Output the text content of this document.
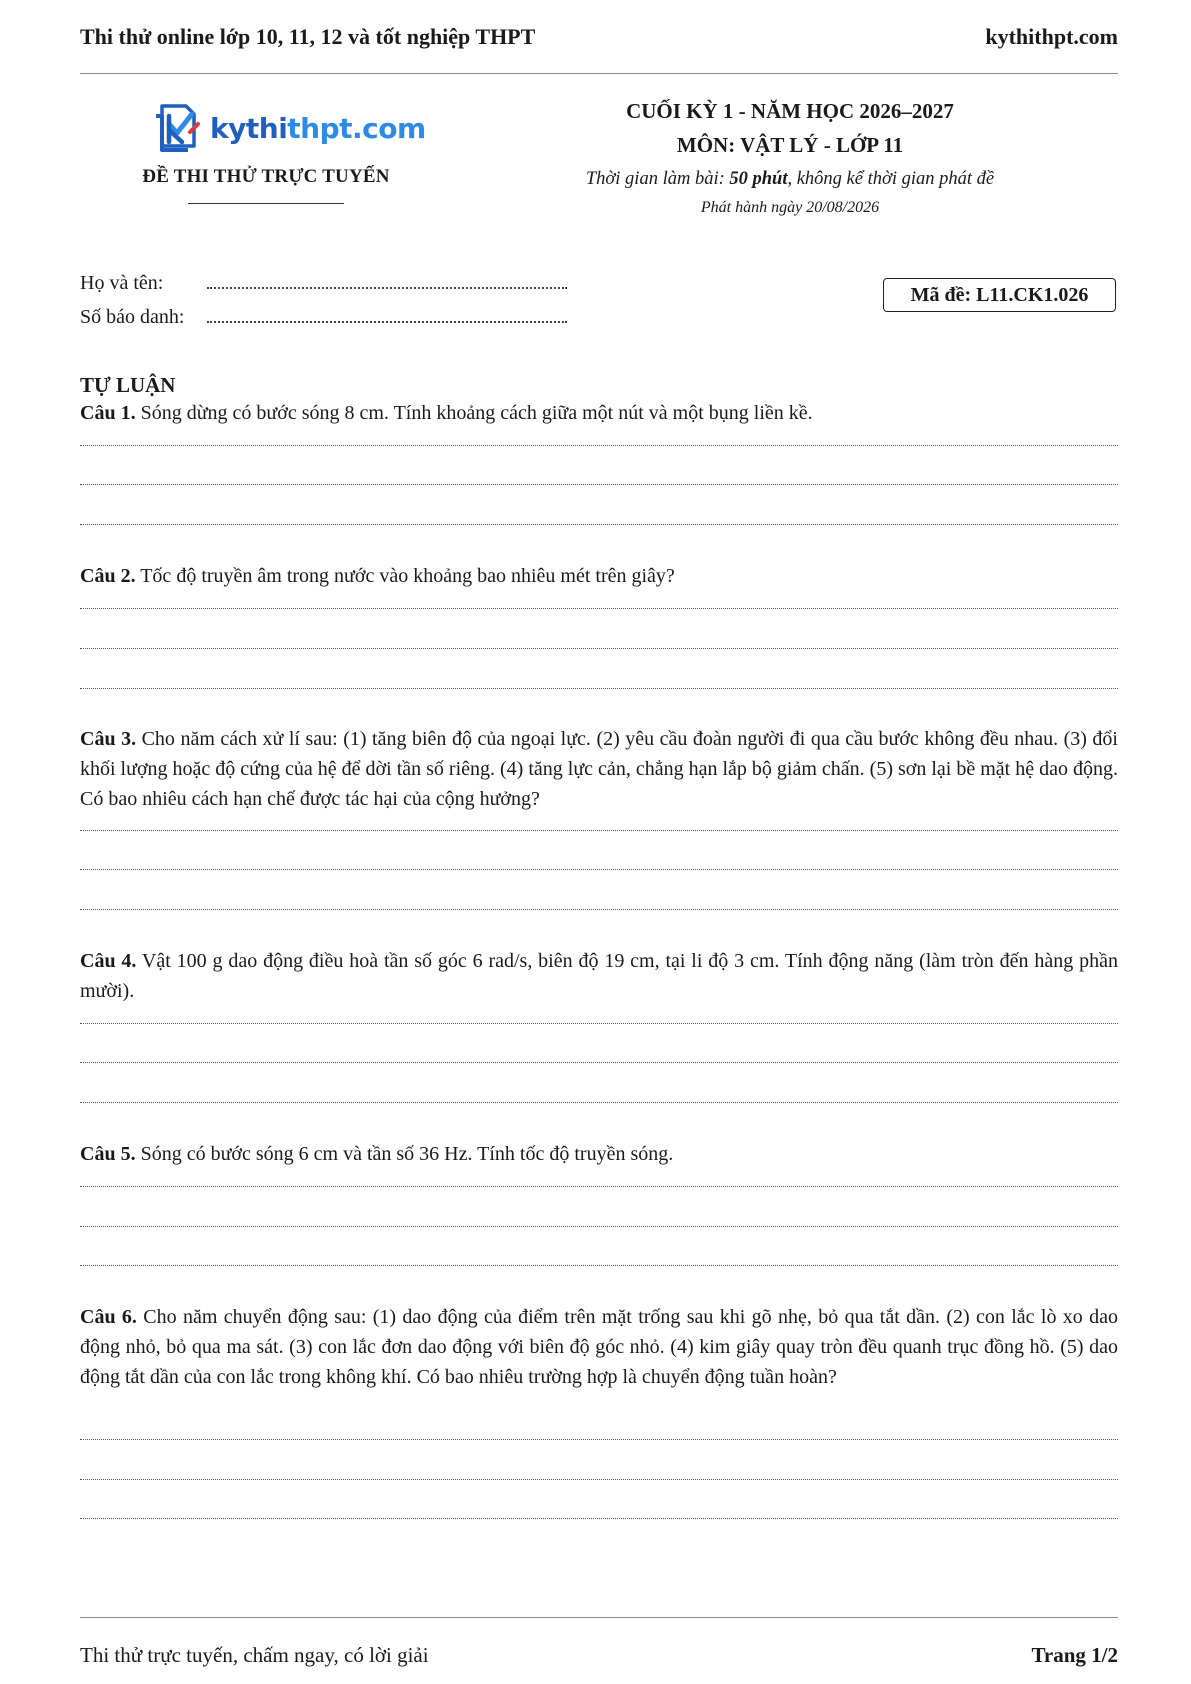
Thi thử online lớp 10, 11, 12 và tốt nghiệp THPT	kythithpt.com
kythithpt.com
ĐỀ THI THỬ TRỰC TUYẾN
CUỐI KỲ 1 - NĂM HỌC 2026–2027
MÔN: VẬT LÝ - LỚP 11
Thời gian làm bài: 50 phút, không kể thời gian phát đề
Phát hành ngày 20/08/2026
Họ và tên:
Số báo danh:
Mã đề: L11.CK1.026
TỰ LUẬN
Câu 1. Sóng dừng có bước sóng 8 cm. Tính khoảng cách giữa một nút và một bụng liền kề.
Câu 2. Tốc độ truyền âm trong nước vào khoảng bao nhiêu mét trên giây?
Câu 3. Cho năm cách xử lí sau: (1) tăng biên độ của ngoại lực. (2) yêu cầu đoàn người đi qua cầu bước không đều nhau. (3) đổi khối lượng hoặc độ cứng của hệ để dời tần số riêng. (4) tăng lực cản, chẳng hạn lắp bộ giảm chấn. (5) sơn lại bề mặt hệ dao động. Có bao nhiêu cách hạn chế được tác hại của cộng hưởng?
Câu 4. Vật 100 g dao động điều hoà tần số góc 6 rad/s, biên độ 19 cm, tại li độ 3 cm. Tính động năng (làm tròn đến hàng phần mười).
Câu 5. Sóng có bước sóng 6 cm và tần số 36 Hz. Tính tốc độ truyền sóng.
Câu 6. Cho năm chuyển động sau: (1) dao động của điểm trên mặt trống sau khi gõ nhẹ, bỏ qua tắt dần. (2) con lắc lò xo dao động nhỏ, bỏ qua ma sát. (3) con lắc đơn dao động với biên độ góc nhỏ. (4) kim giây quay tròn đều quanh trục đồng hồ. (5) dao động tắt dần của con lắc trong không khí. Có bao nhiêu trường hợp là chuyển động tuần hoàn?
Thi thử trực tuyến, chấm ngay, có lời giải	Trang 1/2
